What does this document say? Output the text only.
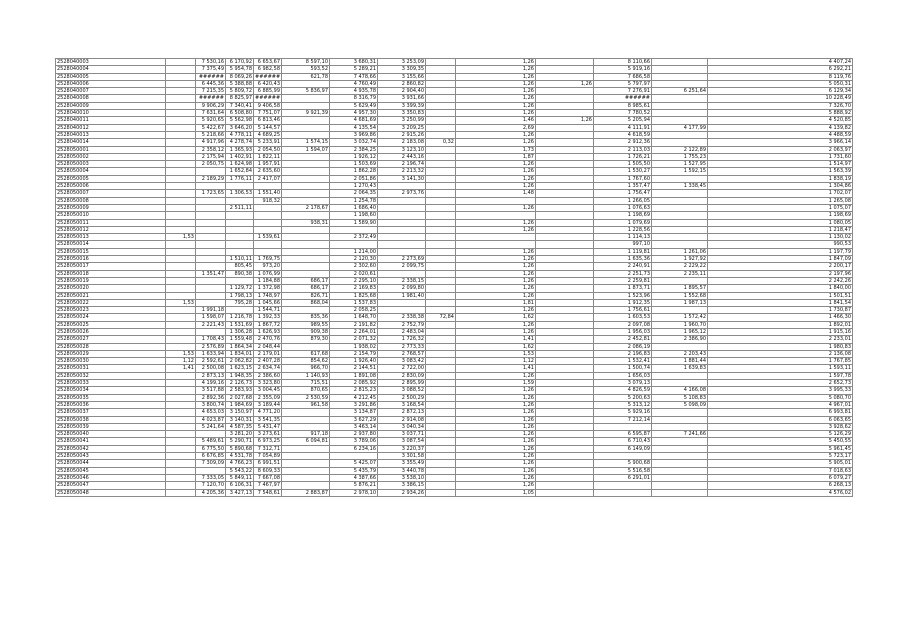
2528040003		7 530,16	6 170,92	6 653,67	8 597,10	3 680,31	3 253,09		1,26		8 110,66		4 407,24
2528040004		7 375,49	5 954,78	6 982,58	593,52	5 289,21	3 309,35		1,26		5 919,16		6 292,21
2528040005		######	8 069,26	######	621,78	7 478,66	3 155,66		1,26		7 686,58		8 119,76
2528040006		6 445,36	5 388,88	6 420,43		4 760,49	2 860,82		1,26	1,26	5 797,97		5 050,31
2528040007		7 215,35	5 809,72	6 885,99	5 836,97	4 935,78	2 904,40		1,26		7 276,91	6 251,64	6 129,34
2528040008		######	8 825,97	######		8 316,79	3 931,66		1,26		######		10 228,49
2528040009		9 906,29	7 340,41	9 406,58		5 629,49	3 399,39		1,26		8 985,61		7 326,70
2528040010		7 631,64	6 508,80	7 751,07	9 921,39	4 957,30	3 350,83		1,26		7 780,52		5 888,92
2528040011		5 920,65	5 562,98	6 813,46		4 681,69	3 250,99		1,46	1,26	5 205,94		4 520,85
2528040012		5 422,67	3 646,20	5 144,57		4 135,54	3 209,25		2,69		4 111,91	4 177,99	4 139,82
2528040013		5 218,66	4 778,11	4 689,25		3 969,86	2 915,26		1,26		4 618,59		4 488,59
2528040014		4 917,96	4 278,74	5 233,91	1 574,15	3 032,74	2 183,08	0,32	1,26		2 912,36		3 966,14
2528050001		2 358,12	1 365,93	2 054,50	1 594,07	2 384,25	3 123,10		1,73		2 113,03	2 122,89	2 063,97
2528050002		2 175,94	1 402,91	1 822,11		1 926,12	2 443,16		1,87		1 726,21	1 755,23	1 731,60
2528050003		2 050,75	1 624,98	1 957,91		1 503,69	2 196,74		1,26		1 505,50	1 527,95	1 514,97
2528050004			1 652,84	2 635,60		1 862,28	2 213,32		1,26		1 530,27	1 592,15	1 563,39
2528050005		2 189,29	1 776,11	2 417,07		2 051,86	3 141,30		1,26		1 767,60		1 838,19
2528050006						1 270,43			1,26		1 357,47	1 338,45	1 304,86
2528050007		1 723,65	1 306,53	1 551,40		2 064,35	2 973,76		1,48		1 756,47		1 702,07
2528050008				918,32		1 254,78					1 266,05		1 265,08
2528050009			2 511,11		2 178,67	1 686,40			1,26		1 076,63		1 075,07
2528050010						1 198,60					1 198,69		1 198,69
2528050011					938,31	1 589,90			1,26		1 079,69		1 080,05
2528050012									1,26		1 228,56		1 218,47
2528050013	1,53			1 539,61		2 372,49					1 114,13		1 130,02
2528050014											997,10		990,53
2528050015						1 214,00			1,26		1 119,81	1 261,06	1 197,79
2528050016			1 510,11	1 769,75		2 120,30	2 273,69		1,26		1 635,36	1 927,92	1 847,09
2528050017			805,45	973,20		2 302,60	2 099,75		1,26		2 240,91	2 229,22	2 200,17
2528050018		1 351,47	890,38	1 076,99		2 020,61			1,26		2 251,73	2 235,11	2 197,96
2528050019				1 184,88	686,17	2 295,10	2 338,15		1,26		2 259,81		2 242,26
2528050020			1 129,72	1 372,98	686,17	2 169,83	2 099,80		1,26		1 873,71	1 895,57	1 840,00
2528050021			1 798,13	1 748,97	826,71	1 825,68	1 981,40		1,26		1 523,96	1 552,68	1 501,51
2528050022	1,53		795,28	1 045,66	868,04	1 537,83			1,81		1 912,35	1 987,13	1 841,54
2528050023		1 991,18		1 544,71		2 058,25			1,26		1 756,61		1 730,87
2528050024		1 598,07	1 216,78	1 392,33	835,36	1 648,70	2 338,38	72,84	1,62		1 603,53	1 572,42	1 466,30
2528050025		2 221,43	1 531,69	1 867,72	989,55	2 191,82	2 752,79		1,26		2 097,08	1 960,70	1 892,01
2528050026			1 306,28	1 626,93	909,38	2 264,01	2 483,04		1,26		1 956,03	1 965,12	1 915,16
2528050027		1 708,43	1 559,48	2 470,76	879,30	2 071,32	1 726,32		1,41		2 452,81	2 386,90	2 233,01
2528050028		2 576,89	1 864,34	2 048,44		1 938,02	2 773,33		1,62		2 086,19		1 980,83
2528050029	1,53	1 633,94	1 834,01	2 179,01	617,68	2 154,79	2 768,57		1,53		2 196,83	2 203,43	2 136,08
2528050030	1,12	2 592,61	2 062,82	2 407,28	854,62	1 926,40	3 083,42		1,12		1 532,41	1 881,44	1 767,85
2528050031	1,41	2 500,08	1 623,15	2 634,74	966,70	2 144,51	2 722,00		1,41		1 500,74	1 639,83	1 593,11
2528050032		2 873,13	1 948,35	2 386,60	1 140,93	1 891,08	2 830,09		1,26		1 656,03		1 597,78
2528050033		4 199,16	2 126,73	3 323,80	715,51	2 085,92	2 895,99		1,59		3 079,13		2 652,73
2528050034		3 517,88	2 583,93	3 004,45	870,65	2 815,23	3 088,52		1,26		4 826,59	4 166,08	3 995,33
2528050035		2 892,36	2 027,68	2 355,09	2 530,59	4 212,45	2 500,29		1,26		5 200,63	5 108,83	5 080,70
2528050036		3 800,74	1 984,69	3 189,44	961,58	3 291,86	3 168,54		1,26		5 313,12	5 098,09	4 967,01
2528050037		4 653,03	3 150,97	4 771,20		3 134,87	2 872,13		1,26		5 929,16		6 993,81
2528050038		4 023,87	3 140,31	3 541,35		3 627,29	2 914,08		1,26		7 212,14		6 063,65
2528050039		5 241,64	4 587,35	5 431,47		3 463,14	3 040,34		1,26				3 928,62
2528050040			3 281,20	3 273,61	917,18	2 937,80	3 037,71		1,26		6 595,87	7 241,66	5 126,29
2528050041		5 489,61	5 290,71	6 973,25	6 094,81	3 789,06	3 087,54		1,26		6 710,43		5 450,55
2528050042		6 775,50	5 890,68	7 312,71		6 234,16	3 220,37		1,26		6 149,09		5 961,45
2528050043		6 676,85	4 531,78	7 054,89			3 301,58		1,26				5 723,17
2528050044		7 309,09	4 766,23	6 991,51		5 425,07	3 355,49		1,26		5 900,68		5 905,01
2528050045			5 543,22	8 609,33		5 435,79	3 440,78		1,26		5 516,58		7 018,63
2528050046		7 333,05	5 849,11	7 667,08		4 387,66	3 538,10		1,26		6 291,01		6 079,27
2528050047		7 120,70	6 106,31	7 467,97		5 876,21	3 386,15		1,26				6 268,13
2528050048		4 205,36	3 427,13	7 548,61	2 883,87	2 978,10	2 934,26		1,05				4 576,02
